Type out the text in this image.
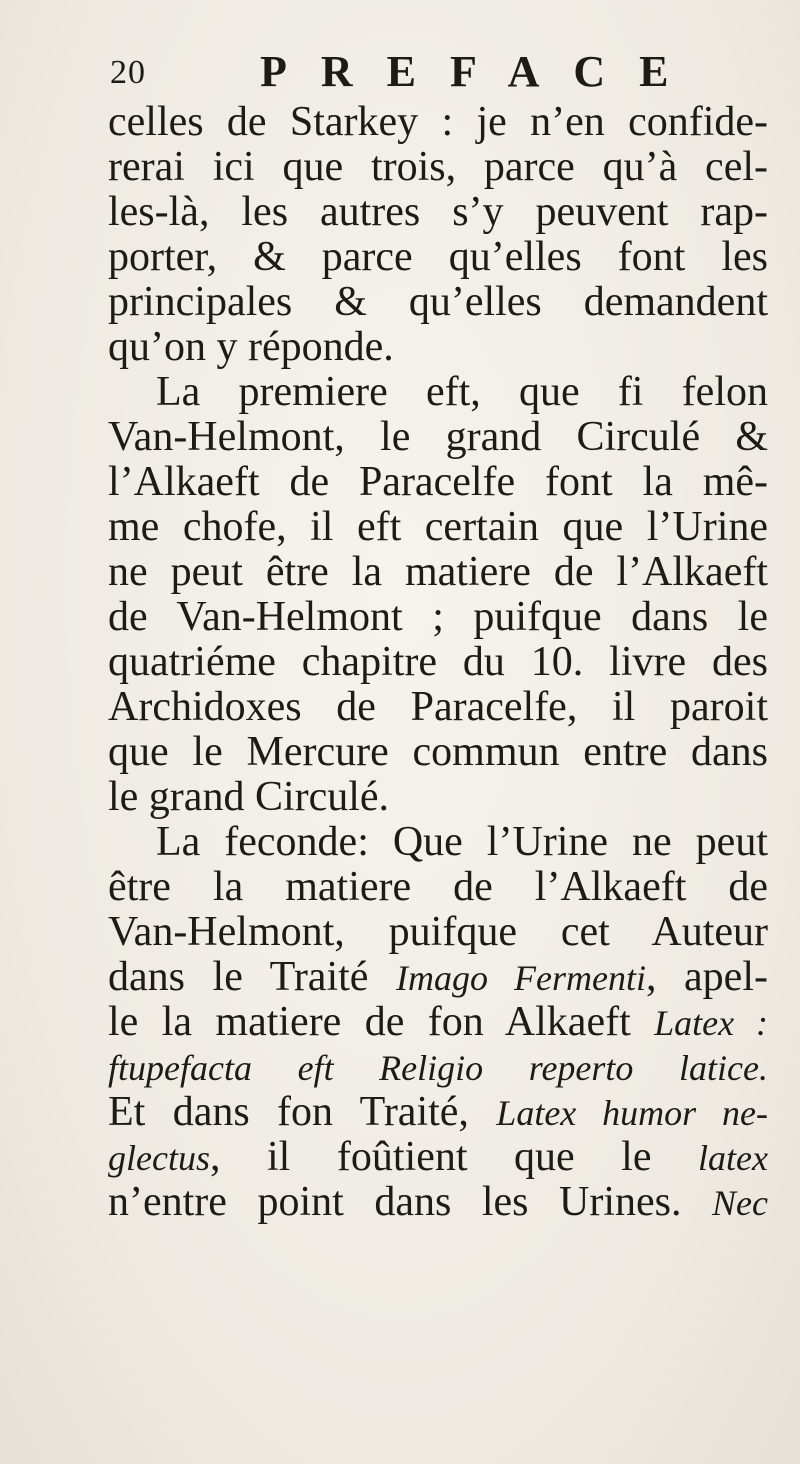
20	PREFACE
celles de Starkey : je n’en confide-
rerai ici que trois, parce qu’à cel-
les-là, les autres s’y peuvent rap-
porter, & parce qu’elles font les
principales & qu’elles demandent
qu’on y réponde.
La premiere eft, que fi felon
Van-Helmont, le grand Circulé &
l’Alkaeft de Paracelfe font la mê-
me chofe, il eft certain que l’Urine
ne peut être la matiere de l’Alkaeft
de Van-Helmont ; puifque dans le
quatriéme chapitre du 10. livre des
Archidoxes de Paracelfe, il paroit
que le Mercure commun entre dans
le grand Circulé.
La feconde: Que l’Urine ne peut
être la matiere de l’Alkaeft de
Van-Helmont, puifque cet Auteur
dans le Traité Imago Fermenti, apel-
le la matiere de fon Alkaeft Latex :
ftupefacta eft Religio reperto latice.
Et dans fon Traité, Latex humor ne-
glectus, il foûtient que le latex
n’entre point dans les Urines. Nec
